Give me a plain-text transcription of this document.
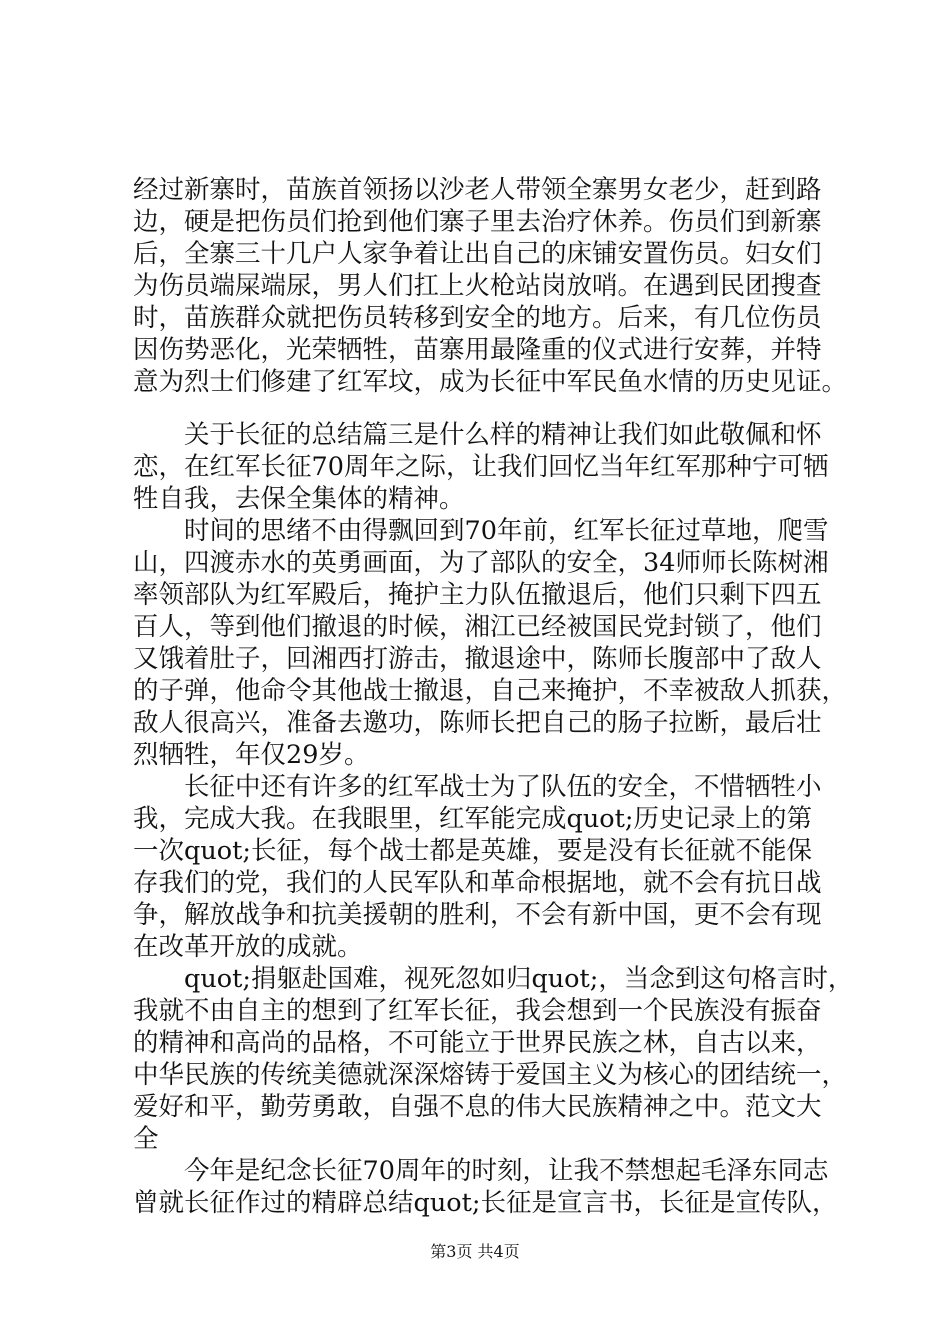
经过新寨时，苗族首领扬以沙老人带领全寨男女老少，赶到路
边，硬是把伤员们抢到他们寨子里去治疗休养。伤员们到新寨
后，全寨三十几户人家争着让出自己的床铺安置伤员。妇女们
为伤员端屎端尿，男人们扛上火枪站岗放哨。在遇到民团搜查
时，苗族群众就把伤员转移到安全的地方。后来，有几位伤员
因伤势恶化，光荣牺牲，苗寨用最隆重的仪式进行安葬，并特
意为烈士们修建了红军坟，成为长征中军民鱼水情的历史见证。
　　关于长征的总结篇三是什么样的精神让我们如此敬佩和怀
恋，在红军长征70周年之际，让我们回忆当年红军那种宁可牺
牲自我，去保全集体的精神。
　　时间的思绪不由得飘回到70年前，红军长征过草地，爬雪
山，四渡赤水的英勇画面，为了部队的安全，34师师长陈树湘
率领部队为红军殿后，掩护主力队伍撤退后，他们只剩下四五
百人，等到他们撤退的时候，湘江已经被国民党封锁了，他们
又饿着肚子，回湘西打游击，撤退途中，陈师长腹部中了敌人
的子弹，他命令其他战士撤退，自己来掩护，不幸被敌人抓获，
敌人很高兴，准备去邀功，陈师长把自己的肠子拉断，最后壮
烈牺牲，年仅29岁。
　　长征中还有许多的红军战士为了队伍的安全，不惜牺牲小
我，完成大我。在我眼里，红军能完成quot;历史记录上的第
一次quot;长征，每个战士都是英雄，要是没有长征就不能保
存我们的党，我们的人民军队和革命根据地，就不会有抗日战
争，解放战争和抗美援朝的胜利，不会有新中国，更不会有现
在改革开放的成就。
　　quot;捐躯赴国难，视死忽如归quot;，当念到这句格言时，
我就不由自主的想到了红军长征，我会想到一个民族没有振奋
的精神和高尚的品格，不可能立于世界民族之林，自古以来，
中华民族的传统美德就深深熔铸于爱国主义为核心的团结统一，
爱好和平，勤劳勇敢，自强不息的伟大民族精神之中。范文大
全
　　今年是纪念长征70周年的时刻，让我不禁想起毛泽东同志
曾就长征作过的精辟总结quot;长征是宣言书，长征是宣传队，
第3页 共4页
